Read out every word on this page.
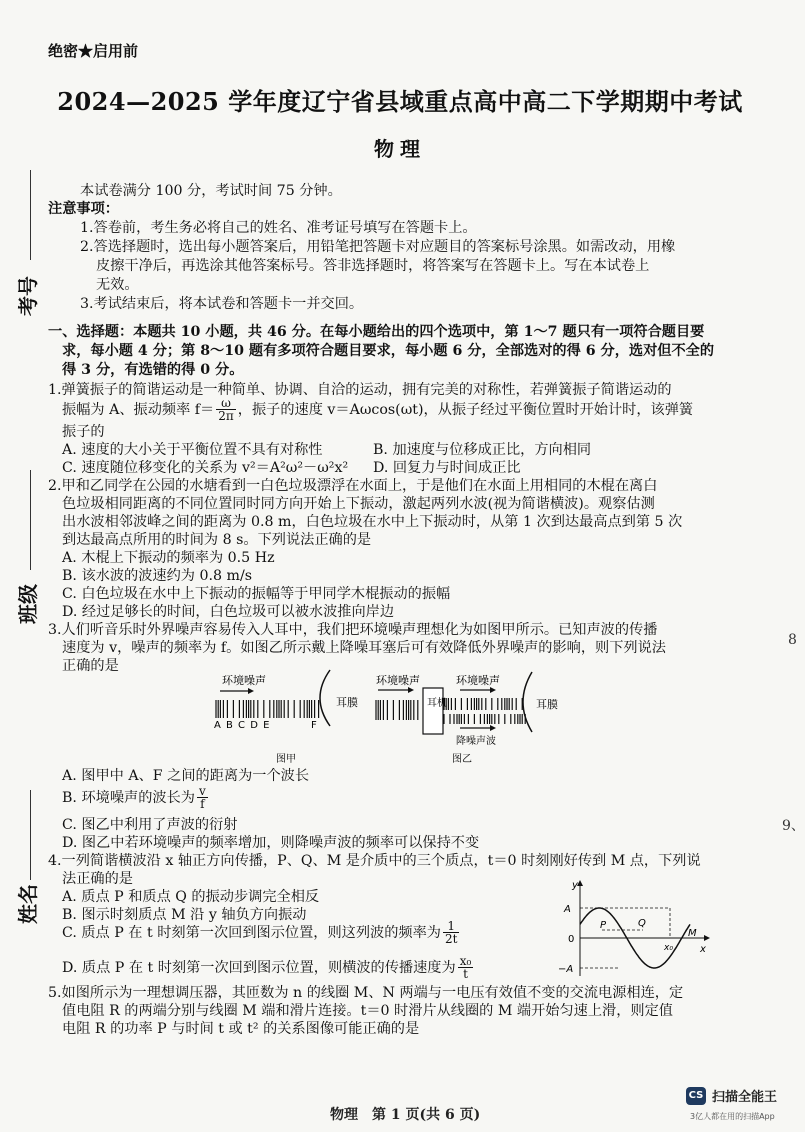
绝密★启用前
2024—2025 学年度辽宁省县域重点高中高二下学期期中考试
物理
考号
班级
姓名
8
9、
本试卷满分 100 分，考试时间 75 分钟。
注意事项：
1.答卷前，考生务必将自己的姓名、准考证号填写在答题卡上。
2.答选择题时，选出每小题答案后，用铅笔把答题卡对应题目的答案标号涂黑。如需改动，用橡
皮擦干净后，再选涂其他答案标号。答非选择题时，将答案写在答题卡上。写在本试卷上
无效。
3.考试结束后，将本试卷和答题卡一并交回。
一、选择题：本题共 10 小题，共 46 分。在每小题给出的四个选项中，第 1～7 题只有一项符合题目要
求，每小题 4 分；第 8～10 题有多项符合题目要求，每小题 6 分，全部选对的得 6 分，选对但不全的
得 3 分，有选错的得 0 分。
1.弹簧振子的简谐运动是一种简单、协调、自洽的运动，拥有完美的对称性，若弹簧振子简谐运动的
振幅为 A、振动频率 $f= \frac{\omega}{2\pi}$ ，振子的速度 v＝Aωcos(ωt)，从振子经过平衡位置时开始计时，该弹簧
振子的
A. 速度的大小关于平衡位置不具有对称性	B. 加速度与位移成正比，方向相同
C. 速度随位移变化的关系为 v²＝A²ω²－ω²x² D. 回复力与时间成正比
2.甲和乙同学在公园的水塘看到一白色垃圾漂浮在水面上，于是他们在水面上用相同的木棍在离白
色垃圾相同距离的不同位置同时同方向开始上下振动，激起两列水波(视为简谐横波)。观察估测
出水波相邻波峰之间的距离为 0.8 m，白色垃圾在水中上下振动时，从第 1 次到达最高点到第 5 次
到达最高点所用的时间为 8 s。下列说法正确的是
A. 木棍上下振动的频率为 0.5 Hz
B. 该水波的波速约为 0.8 m/s
C. 白色垃圾在水中上下振动的振幅等于甲同学木棍振动的振幅
D. 经过足够长的时间，白色垃圾可以被水波推向岸边
3.人们听音乐时外界噪声容易传入人耳中，我们把环境噪声理想化为如图甲所示。已知声波的传播
速度为 v，噪声的频率为 f。如图乙所示戴上降噪耳塞后可有效降低外界噪声的影响，则下列说法
正确的是
环境噪声
A B C D E	F
耳膜
图甲
环境噪声
耳机
环境噪声
降噪声波
耳膜
图乙
A. 图甲中 A、F 之间的距离为一个波长
B. 环境噪声的波长为 $\frac{v}{f}$
C. 图乙中利用了声波的衍射
D. 图乙中若环境噪声的频率增加，则降噪声波的频率可以保持不变
4.一列简谐横波沿 x 轴正方向传播，P、Q、M 是介质中的三个质点，t＝0 时刻刚好传到 M 点，下列说
法正确的是
A. 质点 P 和质点 Q 的振动步调完全相反
B. 图示时刻质点 M 沿 y 轴负方向振动
C. 质点 P 在 t 时刻第一次回到图示位置，则这列波的频率为 $\frac{1}{2t}$
D. 质点 P 在 t 时刻第一次回到图示位置，则横波的传播速度为 $\frac{\text{x₀}}{t}$
y
x
A
−A
0
P	Q
M
x₀
5.如图所示为一理想调压器，其匝数为 n 的线圈 M、N 两端与一电压有效值不变的交流电源相连，定
值电阻 R 的两端分别与线圈 M 端和滑片连接。t＝0 时滑片从线圈的 M 端开始匀速上滑，则定值
电阻 R 的功率 P 与时间 t 或 t² 的关系图像可能正确的是
物理　第 1 页(共 6 页)
CS 扫描全能王
3亿人都在用的扫描App
